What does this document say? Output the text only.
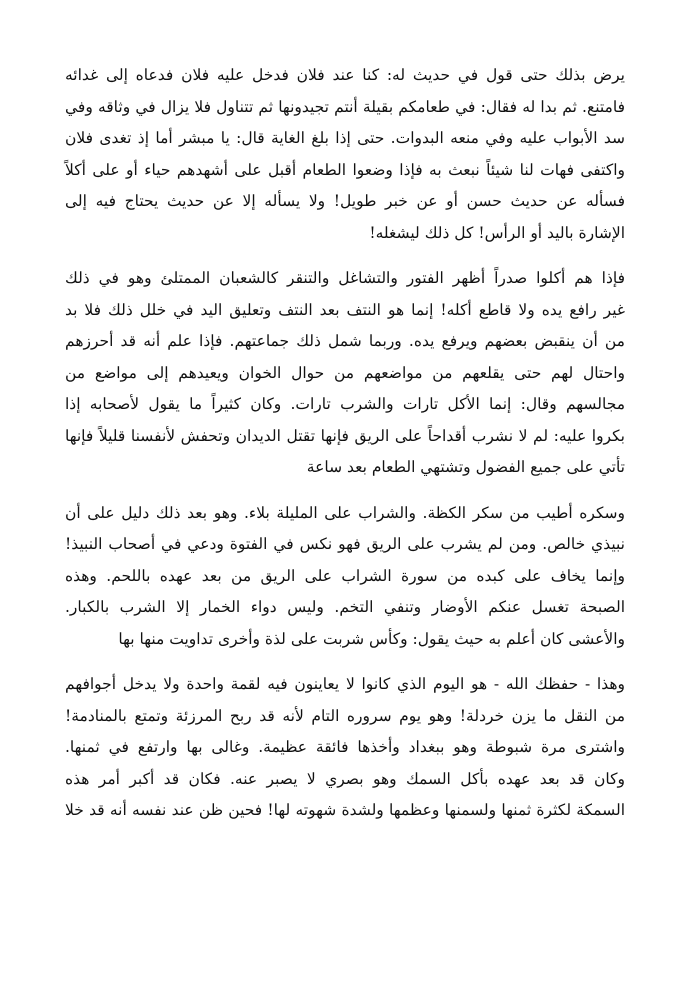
يرض بذلك حتى قول في حديث له: كنا عند فلان فدخل عليه فلان فدعاه إلى غدائه
فامتنع. ثم بدا له فقال: في طعامكم بقيلة أنتم تجيدونها ثم تتناول فلا يزال في وثاقه وفي
سد الأبواب عليه وفي منعه البدوات. حتى إذا بلغ الغاية قال: يا مبشر أما إذ تغدى فلان
واكتفى فهات لنا شيئاً نبعث به فإذا وضعوا الطعام أقبل على أشهدهم حياء أو على أكلاً
فسأله عن حديث حسن أو عن خبر طويل! ولا يسأله إلا عن حديث يحتاج فيه إلى
الإشارة باليد أو الرأس! كل ذلك ليشغله!
فإذا هم أكلوا صدراً أظهر الفتور والتشاغل والتنقر كالشعبان الممتلئ وهو في ذلك
غير رافع يده ولا قاطع أكله! إنما هو النتف بعد النتف وتعليق اليد في خلل ذلك فلا بد
من أن ينقبض بعضهم ويرفع يده. وربما شمل ذلك جماعتهم. فإذا علم أنه قد أحرزهم
واحتال لهم حتى يقلعهم من مواضعهم من حوال الخوان ويعيدهم إلى مواضع من
مجالسهم وقال: إنما الأكل تارات والشرب تارات. وكان كثيراً ما يقول لأصحابه إذا
بكروا عليه: لم لا نشرب أقداحاً على الريق فإنها تقتل الديدان وتحفش لأنفسنا قليلاً فإنها
تأتي على جميع الفضول وتشتهي الطعام بعد ساعة
وسكره أطيب من سكر الكظة. والشراب على المليلة بلاء. وهو بعد ذلك دليل على أن
نبيذي خالص. ومن لم يشرب على الريق فهو نكس في الفتوة ودعي في أصحاب النبيذ!
وإنما يخاف على كبده من سورة الشراب على الريق من بعد عهده باللحم. وهذه
الصبحة تغسل عنكم الأوضار وتنفي التخم. وليس دواء الخمار إلا الشرب بالكبار.
والأعشى كان أعلم به حيث يقول: وكأس شربت على لذة وأخرى تداويت منها بها
وهذا - حفظك الله - هو اليوم الذي كانوا لا يعاينون فيه لقمة واحدة ولا يدخل أجوافهم
من النقل ما يزن خردلة! وهو يوم سروره التام لأنه قد ربح المرزئة وتمتع بالمنادمة!
واشترى مرة شبوطة وهو ببغداد وأخذها فائقة عظيمة. وغالى بها وارتفع في ثمنها.
وكان قد بعد عهده بأكل السمك وهو بصري لا يصبر عنه. فكان قد أكبر أمر هذه
السمكة لكثرة ثمنها ولسمنها وعظمها ولشدة شهوته لها! فحين ظن عند نفسه أنه قد خلا
